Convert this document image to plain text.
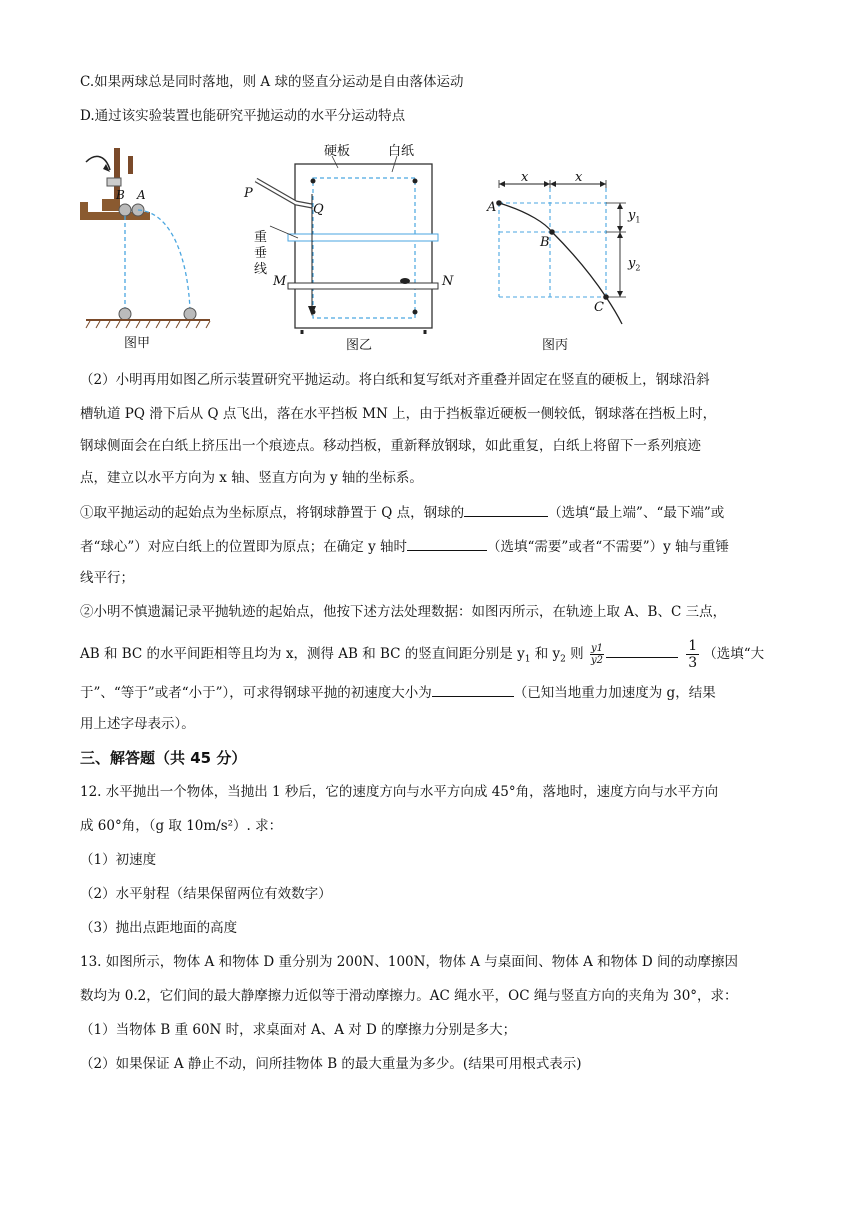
C.如果两球总是同时落地，则 A 球的竖直分运动是自由落体运动
D.通过该实验装置也能研究平抛运动的水平分运动特点
B A
图甲
硬板	白纸
P
Q
重垂线
M	N
图乙
A
B
C
x	x
$y_1$
$y_2$
图丙
（2）小明再用如图乙所示装置研究平抛运动。将白纸和复写纸对齐重叠并固定在竖直的硬板上，钢球沿斜
槽轨道 PQ 滑下后从 Q 点飞出，落在水平挡板 MN 上，由于挡板靠近硬板一侧较低，钢球落在挡板上时，
钢球侧面会在白纸上挤压出一个痕迹点。移动挡板，重新释放钢球，如此重复，白纸上将留下一系列痕迹
点，建立以水平方向为 x 轴、竖直方向为 y 轴的坐标系。
①取平抛运动的起始点为坐标原点，将钢球静置于 Q 点，钢球的	（选填“最上端”、“最下端”或
者“球心”）对应白纸上的位置即为原点；在确定 y 轴时	（选填“需要”或者“不需要”）y 轴与重锤
线平行；
②小明不慎遗漏记录平抛轨迹的起始点，他按下述方法处理数据：如图丙所示，在轨迹上取 A、B、C 三点，
AB 和 BC 的水平间距相等且均为 x，测得 AB 和 BC 的竖直间距分别是 $y_1$ 和 $y_2$ 则 $\frac{y1}{y2}$
	$\frac{1}{3}$ （选填“大
于”、“等于”或者“小于”），可求得钢球平抛的初速度大小为	（已知当地重力加速度为 g，结果
用上述字母表示）。
三、解答题（共 45 分）
12. 水平抛出一个物体，当抛出 1 秒后，它的速度方向与水平方向成 45°角，落地时，速度方向与水平方向
成 60°角，（g 取 10m/s²）. 求：
（1）初速度
（2）水平射程（结果保留两位有效数字）
（3）抛出点距地面的高度
13. 如图所示，物体 A 和物体 D 重分别为 200N、100N，物体 A 与桌面间、物体 A 和物体 D 间的动摩擦因
数均为 0.2，它们间的最大静摩擦力近似等于滑动摩擦力。AC 绳水平，OC 绳与竖直方向的夹角为 30°，求：
（1）当物体 B 重 60N 时，求桌面对 A、A 对 D 的摩擦力分别是多大；
（2）如果保证 A 静止不动，问所挂物体 B 的最大重量为多少。(结果可用根式表示)
